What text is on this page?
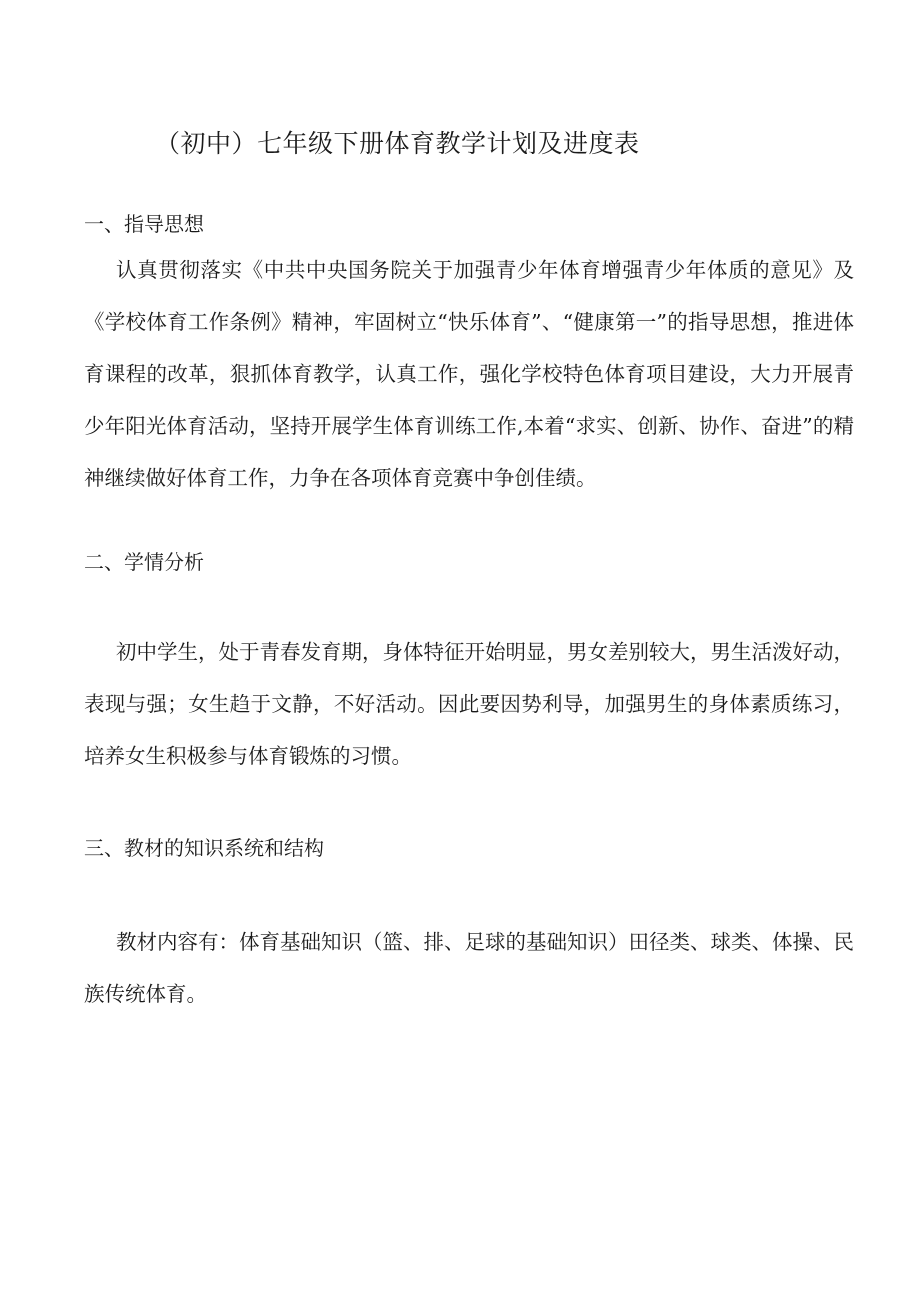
（初中）七年级下册体育教学计划及进度表
一、指导思想

认真贯彻落实《中共中央国务院关于加强青少年体育增强青少年体质的意见》及《学校体育工作条例》精神，牢固树立“快乐体育”、“健康第一”的指导思想，推进体育课程的改革，狠抓体育教学，认真工作，强化学校特色体育项目建设，大力开展青少年阳光体育活动，坚持开展学生体育训练工作,本着“求实、创新、协作、奋进”的精神继续做好体育工作，力争在各项体育竞赛中争创佳绩。

二、学情分析

初中学生，处于青春发育期，身体特征开始明显，男女差别较大，男生活泼好动，表现与强；女生趋于文静，不好活动。因此要因势利导，加强男生的身体素质练习，培养女生积极参与体育锻炼的习惯。

三、教材的知识系统和结构

教材内容有：体育基础知识（篮、排、足球的基础知识）田径类、球类、体操、民族传统体育。
